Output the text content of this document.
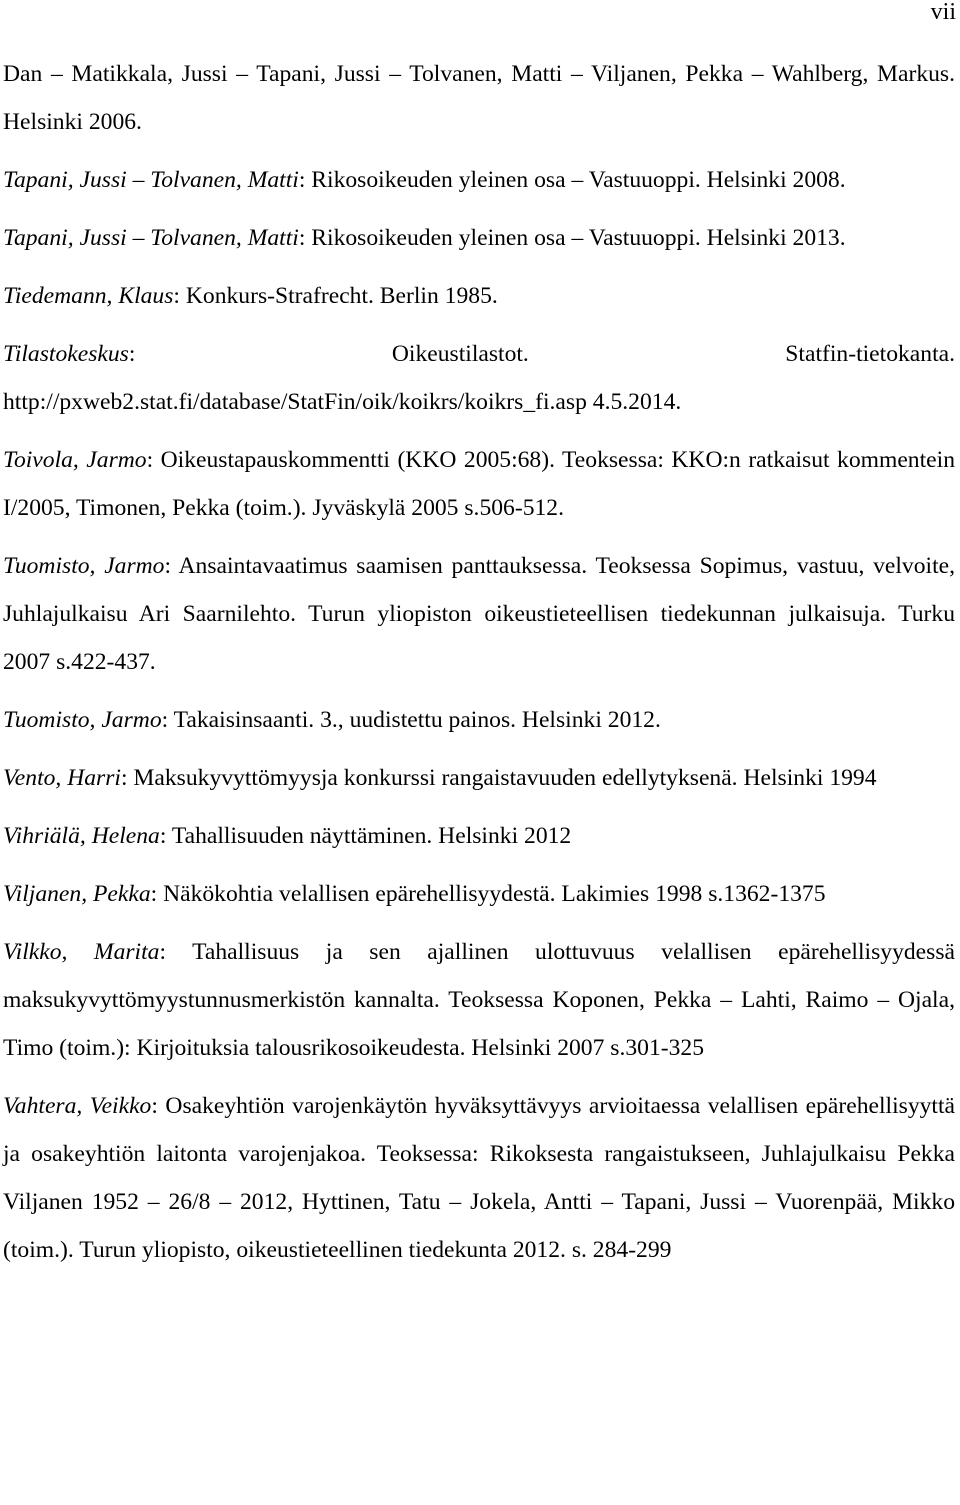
vii
Dan – Matikkala, Jussi – Tapani, Jussi – Tolvanen, Matti – Viljanen, Pekka – Wahlberg, Markus. Helsinki 2006.
Tapani, Jussi – Tolvanen, Matti: Rikosoikeuden yleinen osa – Vastuuoppi. Helsinki 2008.
Tapani, Jussi – Tolvanen, Matti: Rikosoikeuden yleinen osa – Vastuuoppi. Helsinki 2013.
Tiedemann, Klaus: Konkurs-Strafrecht. Berlin 1985.
Tilastokeskus: Oikeustilastot. Statfin-tietokanta. http://pxweb2.stat.fi/database/StatFin/oik/koikrs/koikrs_fi.asp 4.5.2014.
Toivola, Jarmo: Oikeustapauskommentti (KKO 2005:68). Teoksessa: KKO:n ratkaisut kommentein I/2005, Timonen, Pekka (toim.). Jyväskylä 2005 s.506-512.
Tuomisto, Jarmo: Ansaintavaatimus saamisen panttauksessa. Teoksessa Sopimus, vastuu, velvoite, Juhlajulkaisu Ari Saarnilehto. Turun yliopiston oikeustieteellisen tiedekunnan julkaisuja. Turku 2007 s.422-437.
Tuomisto, Jarmo: Takaisinsaanti. 3., uudistettu painos. Helsinki 2012.
Vento, Harri: Maksukyvyttömyysja konkurssi rangaistavuuden edellytyksenä. Helsinki 1994
Vihriälä, Helena: Tahallisuuden näyttäminen. Helsinki 2012
Viljanen, Pekka: Näkökohtia velallisen epärehellisyydestä. Lakimies 1998 s.1362-1375
Vilkko, Marita: Tahallisuus ja sen ajallinen ulottuvuus velallisen epärehellisyydessä maksukyvyttömyystunnusmerkistön kannalta. Teoksessa Koponen, Pekka – Lahti, Raimo – Ojala, Timo (toim.): Kirjoituksia talousrikosoikeudesta. Helsinki 2007 s.301-325
Vahtera, Veikko: Osakeyhtiön varojenkäytön hyväksyttävyys arvioitaessa velallisen epärehellisyyttä ja osakeyhtiön laitonta varojenjakoa. Teoksessa: Rikoksesta rangaistukseen, Juhlajulkaisu Pekka Viljanen 1952 – 26/8 – 2012, Hyttinen, Tatu – Jokela, Antti – Tapani, Jussi – Vuorenpää, Mikko (toim.). Turun yliopisto, oikeustieteellinen tiedekunta 2012. s. 284-299
